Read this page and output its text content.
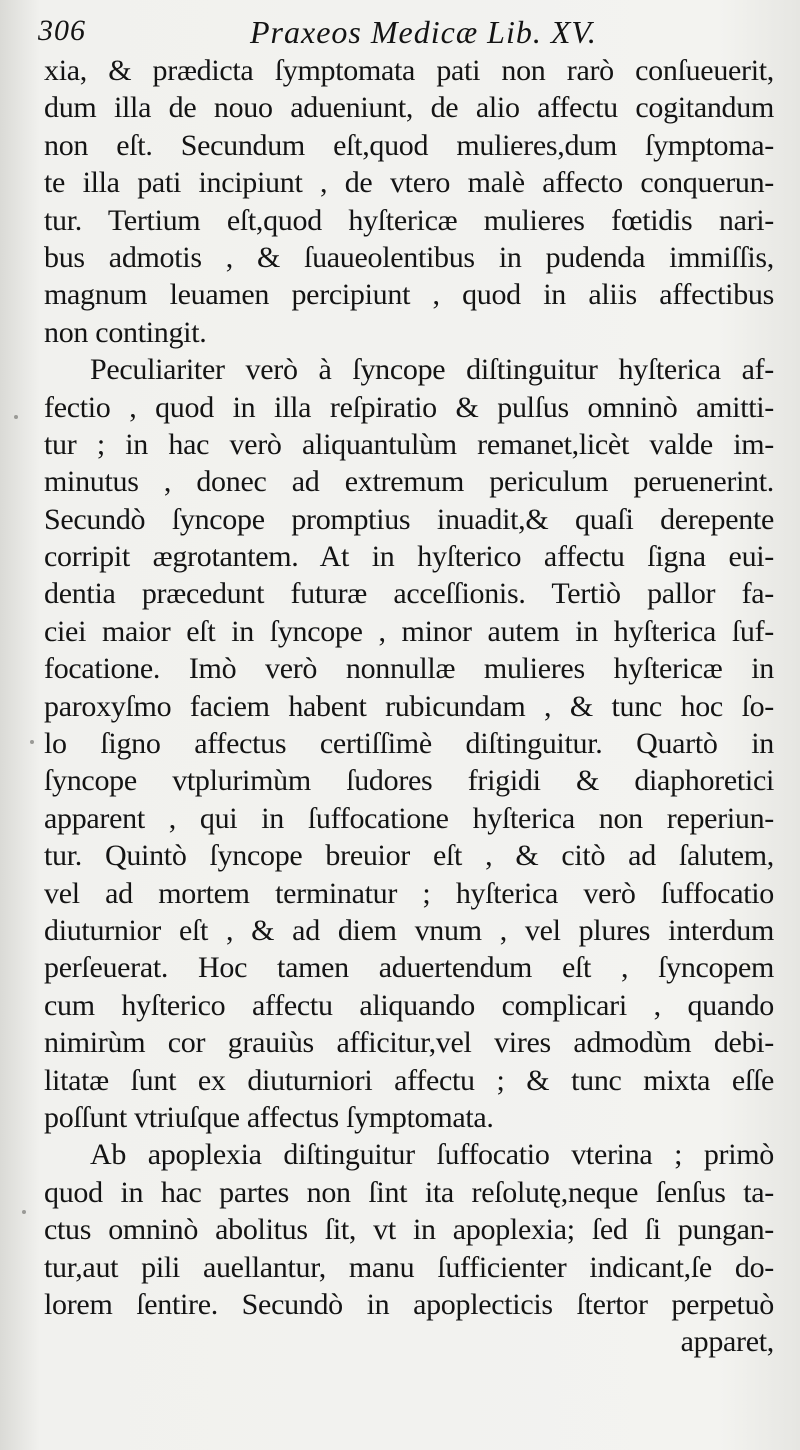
306	Praxeos Medicæ Lib. XV.
xia, & prædicta ſymptomata pati non rarò conſueuerit,
dum illa de nouo adueniunt, de alio affectu cogitandum
non eſt. Secundum eſt,quod mulieres,dum ſymptoma-
te illa pati incipiunt , de vtero malè affecto conquerun-
tur. Tertium eſt,quod hyſtericæ mulieres fœtidis nari-
bus admotis , & ſuaueolentibus in pudenda immiſſis,
magnum leuamen percipiunt , quod in aliis affectibus
non contingit.
Peculiariter verò à ſyncope diſtinguitur hyſterica af-
fectio , quod in illa reſpiratio & pulſus omninò amitti-
tur ; in hac verò aliquantulùm remanet,licèt valde im-
minutus , donec ad extremum periculum peruenerint.
Secundò ſyncope promptius inuadit,& quaſi derepente
corripit ægrotantem. At in hyſterico affectu ſigna eui-
dentia præcedunt futuræ acceſſionis. Tertiò pallor fa-
ciei maior eſt in ſyncope , minor autem in hyſterica ſuf-
focatione. Imò verò nonnullæ mulieres hyſtericæ in
paroxyſmo faciem habent rubicundam , & tunc hoc ſo-
lo ſigno affectus certiſſimè diſtinguitur. Quartò in
ſyncope vtplurimùm ſudores frigidi & diaphoretici
apparent , qui in ſuffocatione hyſterica non reperiun-
tur. Quintò ſyncope breuior eſt , & citò ad ſalutem,
vel ad mortem terminatur ; hyſterica verò ſuffocatio
diuturnior eſt , & ad diem vnum , vel plures interdum
perſeuerat. Hoc tamen aduertendum eſt , ſyncopem
cum hyſterico affectu aliquando complicari , quando
nimirùm cor grauiùs afficitur,vel vires admodùm debi-
litatæ ſunt ex diuturniori affectu ; & tunc mixta eſſe
poſſunt vtriuſque affectus ſymptomata.
Ab apoplexia diſtinguitur ſuffocatio vterina ; primò
quod in hac partes non ſint ita reſolutę,neque ſenſus ta-
ctus omninò abolitus ſit, vt in apoplexia; ſed ſi pungan-
tur,aut pili auellantur, manu ſufficienter indicant,ſe do-
lorem ſentire. Secundò in apoplecticis ſtertor perpetuò
apparet,
